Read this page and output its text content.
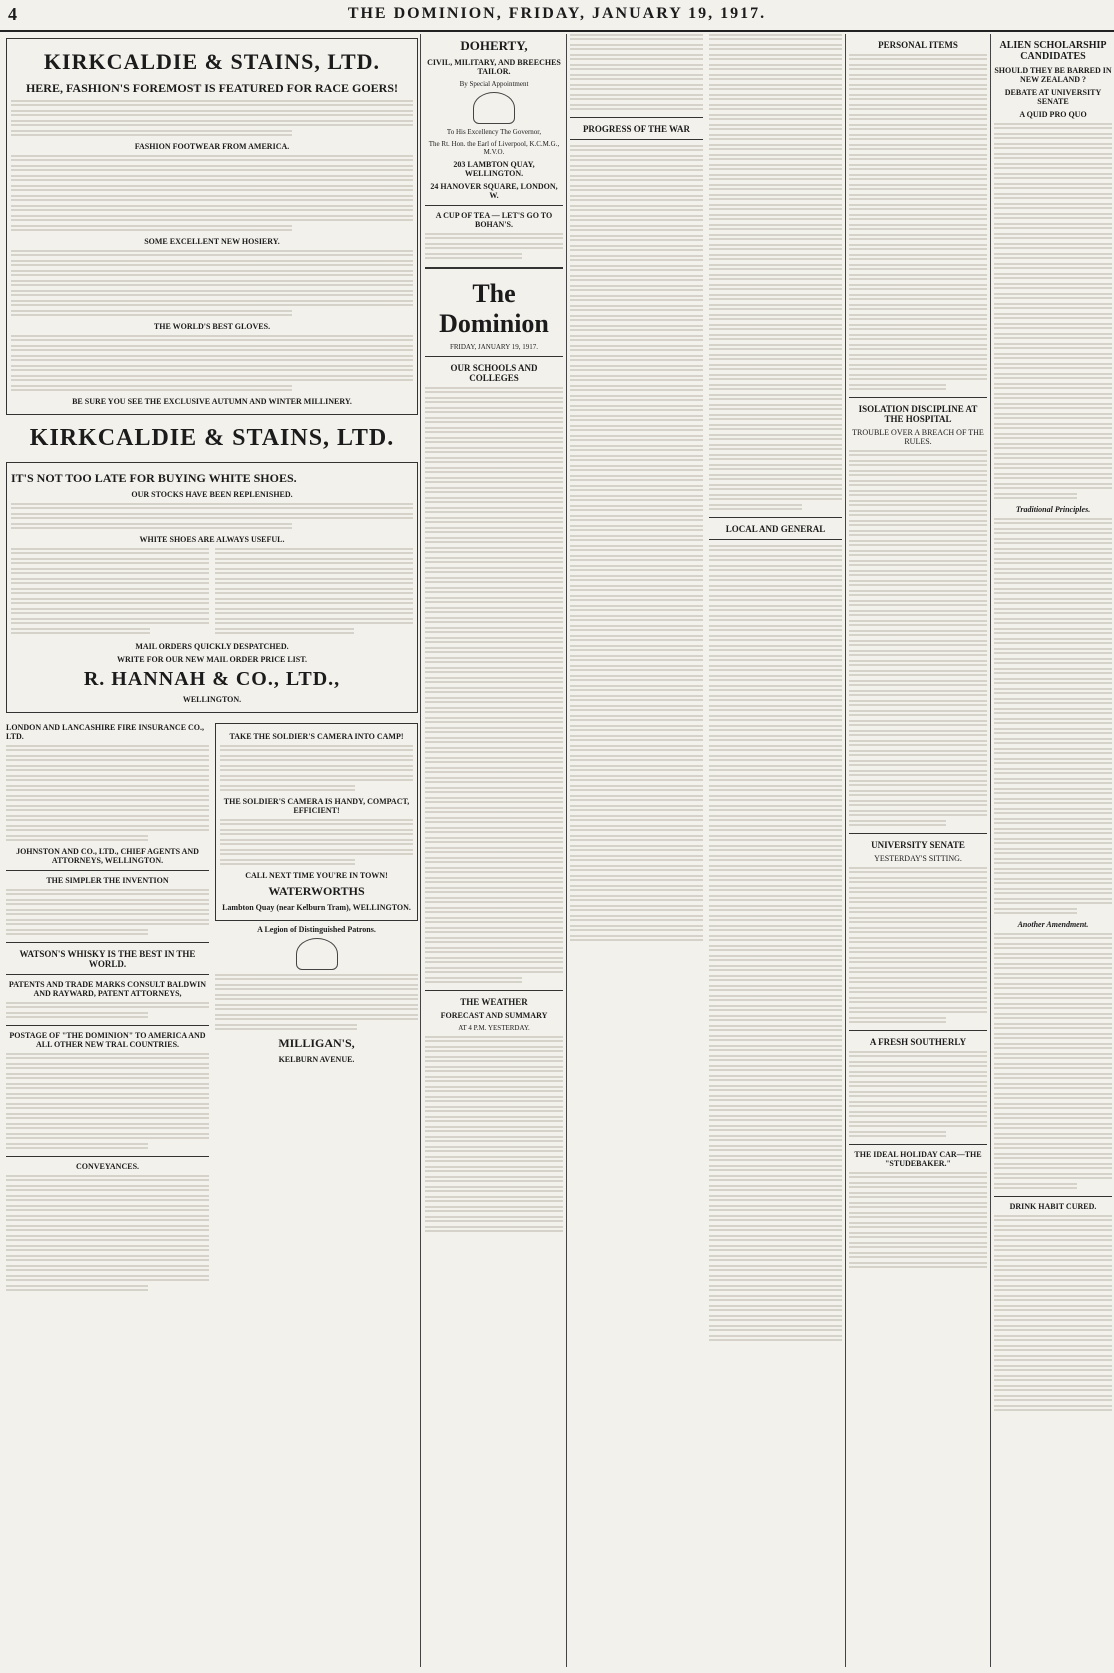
4	THE DOMINION, FRIDAY, JANUARY 19, 1917.
KIRKCALDIE & STAINS, LTD.
HERE, FASHION'S FOREMOST IS FEATURED FOR RACE GOERS!
FASHION FOOTWEAR FROM AMERICA.
SOME EXCELLENT NEW HOSIERY.
THE WORLD'S BEST GLOVES.
BE SURE YOU SEE THE EXCLUSIVE AUTUMN AND WINTER MILLINERY.
KIRKCALDIE & STAINS, LTD.
IT'S NOT TOO LATE FOR BUYING WHITE SHOES.
OUR STOCKS HAVE BEEN REPLENISHED.
WHITE SHOES ARE ALWAYS USEFUL.
MAIL ORDERS QUICKLY DESPATCHED.
WRITE FOR OUR NEW MAIL ORDER PRICE LIST.
R. HANNAH & CO., LTD.,
WELLINGTON.
LONDON AND LANCASHIRE FIRE INSURANCE CO., LTD.
JOHNSTON AND CO., LTD., CHIEF AGENTS AND ATTORNEYS, WELLINGTON.
THE SIMPLER THE INVENTION
WATSON'S WHISKY IS THE BEST IN THE WORLD.
PATENTS AND TRADE MARKS CONSULT BALDWIN AND RAYWARD, PATENT ATTORNEYS,
POSTAGE OF "THE DOMINION" TO AMERICA AND ALL OTHER NEW TRAL COUNTRIES.
CONVEYANCES.
TAKE THE SOLDIER'S CAMERA INTO CAMP!
THE SOLDIER'S CAMERA IS HANDY, COMPACT, EFFICIENT!
CALL NEXT TIME YOU'RE IN TOWN!
WATERWORTHS
Lambton Quay (near Kelburn Tram), WELLINGTON.
A Legion of Distinguished Patrons.
MILLIGAN'S,
KELBURN AVENUE.
DOHERTY,
CIVIL, MILITARY, AND BREECHES TAILOR.
By Special Appointment
To His Excellency The Governor,
The Rt. Hon. the Earl of Liverpool, K.C.M.G., M.V.O.
203 LAMBTON QUAY, WELLINGTON.
24 HANOVER SQUARE, LONDON, W.
A CUP OF TEA — LET'S GO TO BOHAN'S.
The Dominion
FRIDAY, JANUARY 19, 1917.
OUR SCHOOLS AND COLLEGES
THE WEATHER
FORECAST AND SUMMARY
AT 4 P.M. YESTERDAY.
PROGRESS OF THE WAR
LOCAL AND GENERAL
PERSONAL ITEMS
ISOLATION DISCIPLINE AT THE HOSPITAL
TROUBLE OVER A BREACH OF THE RULES.
UNIVERSITY SENATE
YESTERDAY'S SITTING.
A FRESH SOUTHERLY
THE IDEAL HOLIDAY CAR—THE "STUDEBAKER."
ALIEN SCHOLARSHIP CANDIDATES
SHOULD THEY BE BARRED IN NEW ZEALAND ?
DEBATE AT UNIVERSITY SENATE
A QUID PRO QUO
Traditional Principles.
Another Amendment.
DRINK HABIT CURED.
